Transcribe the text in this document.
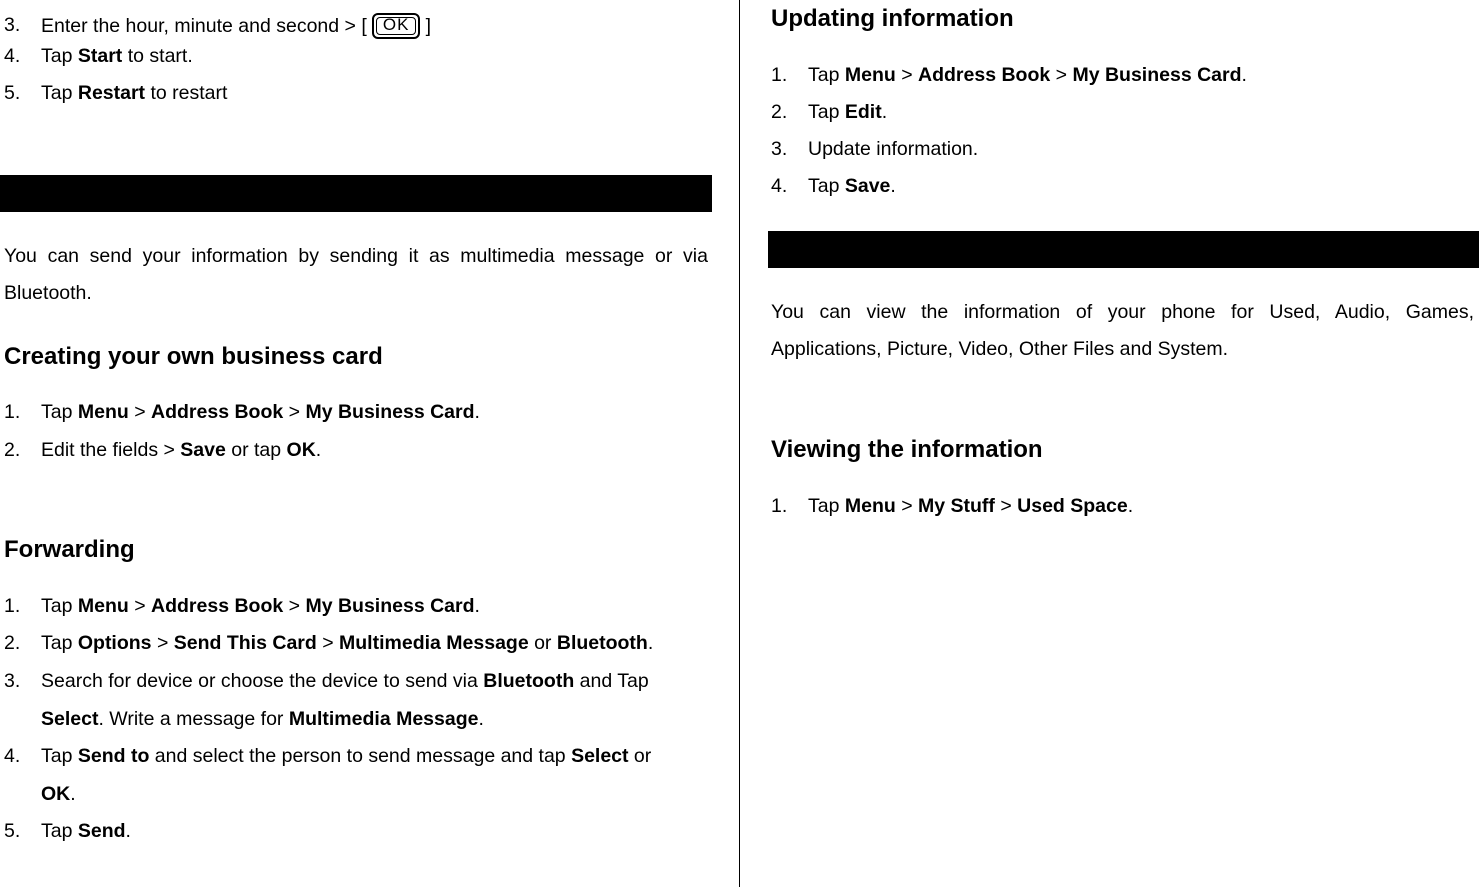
3. Enter the hour, minute and second > [ OK ]
4. Tap Start to start.
5. Tap Restart to restart
You can send your information by sending it as multimedia message or via Bluetooth.
Creating your own business card
1. Tap Menu > Address Book > My Business Card.
2. Edit the fields > Save or tap OK.
Forwarding
1. Tap Menu > Address Book > My Business Card.
2. Tap Options > Send This Card > Multimedia Message or Bluetooth.
3. Search for device or choose the device to send via Bluetooth and Tap
Select. Write a message for Multimedia Message.
4. Tap Send to and select the person to send message and tap Select or
OK.
5. Tap Send.
Updating information
1. Tap Menu > Address Book > My Business Card.
2. Tap Edit.
3. Update information.
4. Tap Save.
You can view the information of your phone for Used, Audio, Games, Applications, Picture, Video, Other Files and System.
Viewing the information
1. Tap Menu > My Stuff > Used Space.
